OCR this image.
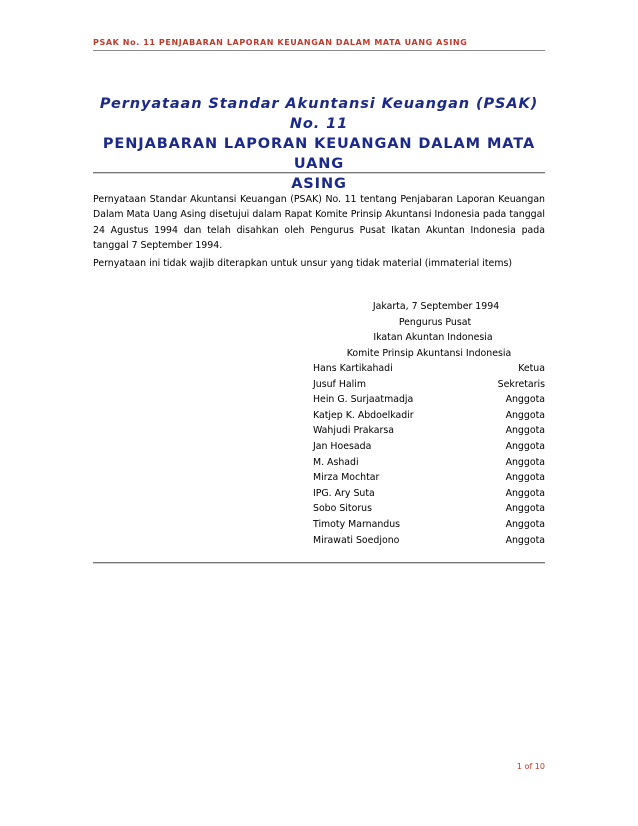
PSAK No. 11 PENJABARAN LAPORAN KEUANGAN DALAM MATA UANG ASING
Pernyataan Standar Akuntansi Keuangan (PSAK) No. 11
PENJABARAN LAPORAN KEUANGAN DALAM MATA UANG
ASING
Pernyataan Standar Akuntansi Keuangan (PSAK) No. 11 tentang Penjabaran Laporan Keuangan Dalam Mata Uang Asing disetujui dalam Rapat Komite Prinsip Akuntansi Indonesia pada tanggal 24 Agustus 1994 dan telah disahkan oleh Pengurus Pusat Ikatan Akuntan Indonesia pada tanggal 7 September 1994.
Pernyataan ini tidak wajib diterapkan untuk unsur yang tidak material (immaterial items)
Jakarta, 7 September 1994
Pengurus Pusat
Ikatan Akuntan Indonesia
Komite Prinsip Akuntansi Indonesia
Hans Kartikahadi	Ketua
Jusuf Halim	Sekretaris
Hein G. Surjaatmadja	Anggota
Katjep K. Abdoelkadir	Anggota
Wahjudi Prakarsa	Anggota
Jan Hoesada	Anggota
M. Ashadi	Anggota
Mirza Mochtar	Anggota
IPG. Ary Suta	Anggota
Sobo Sitorus	Anggota
Timoty Marnandus	Anggota
Mirawati Soedjono	Anggota
1 of 10
